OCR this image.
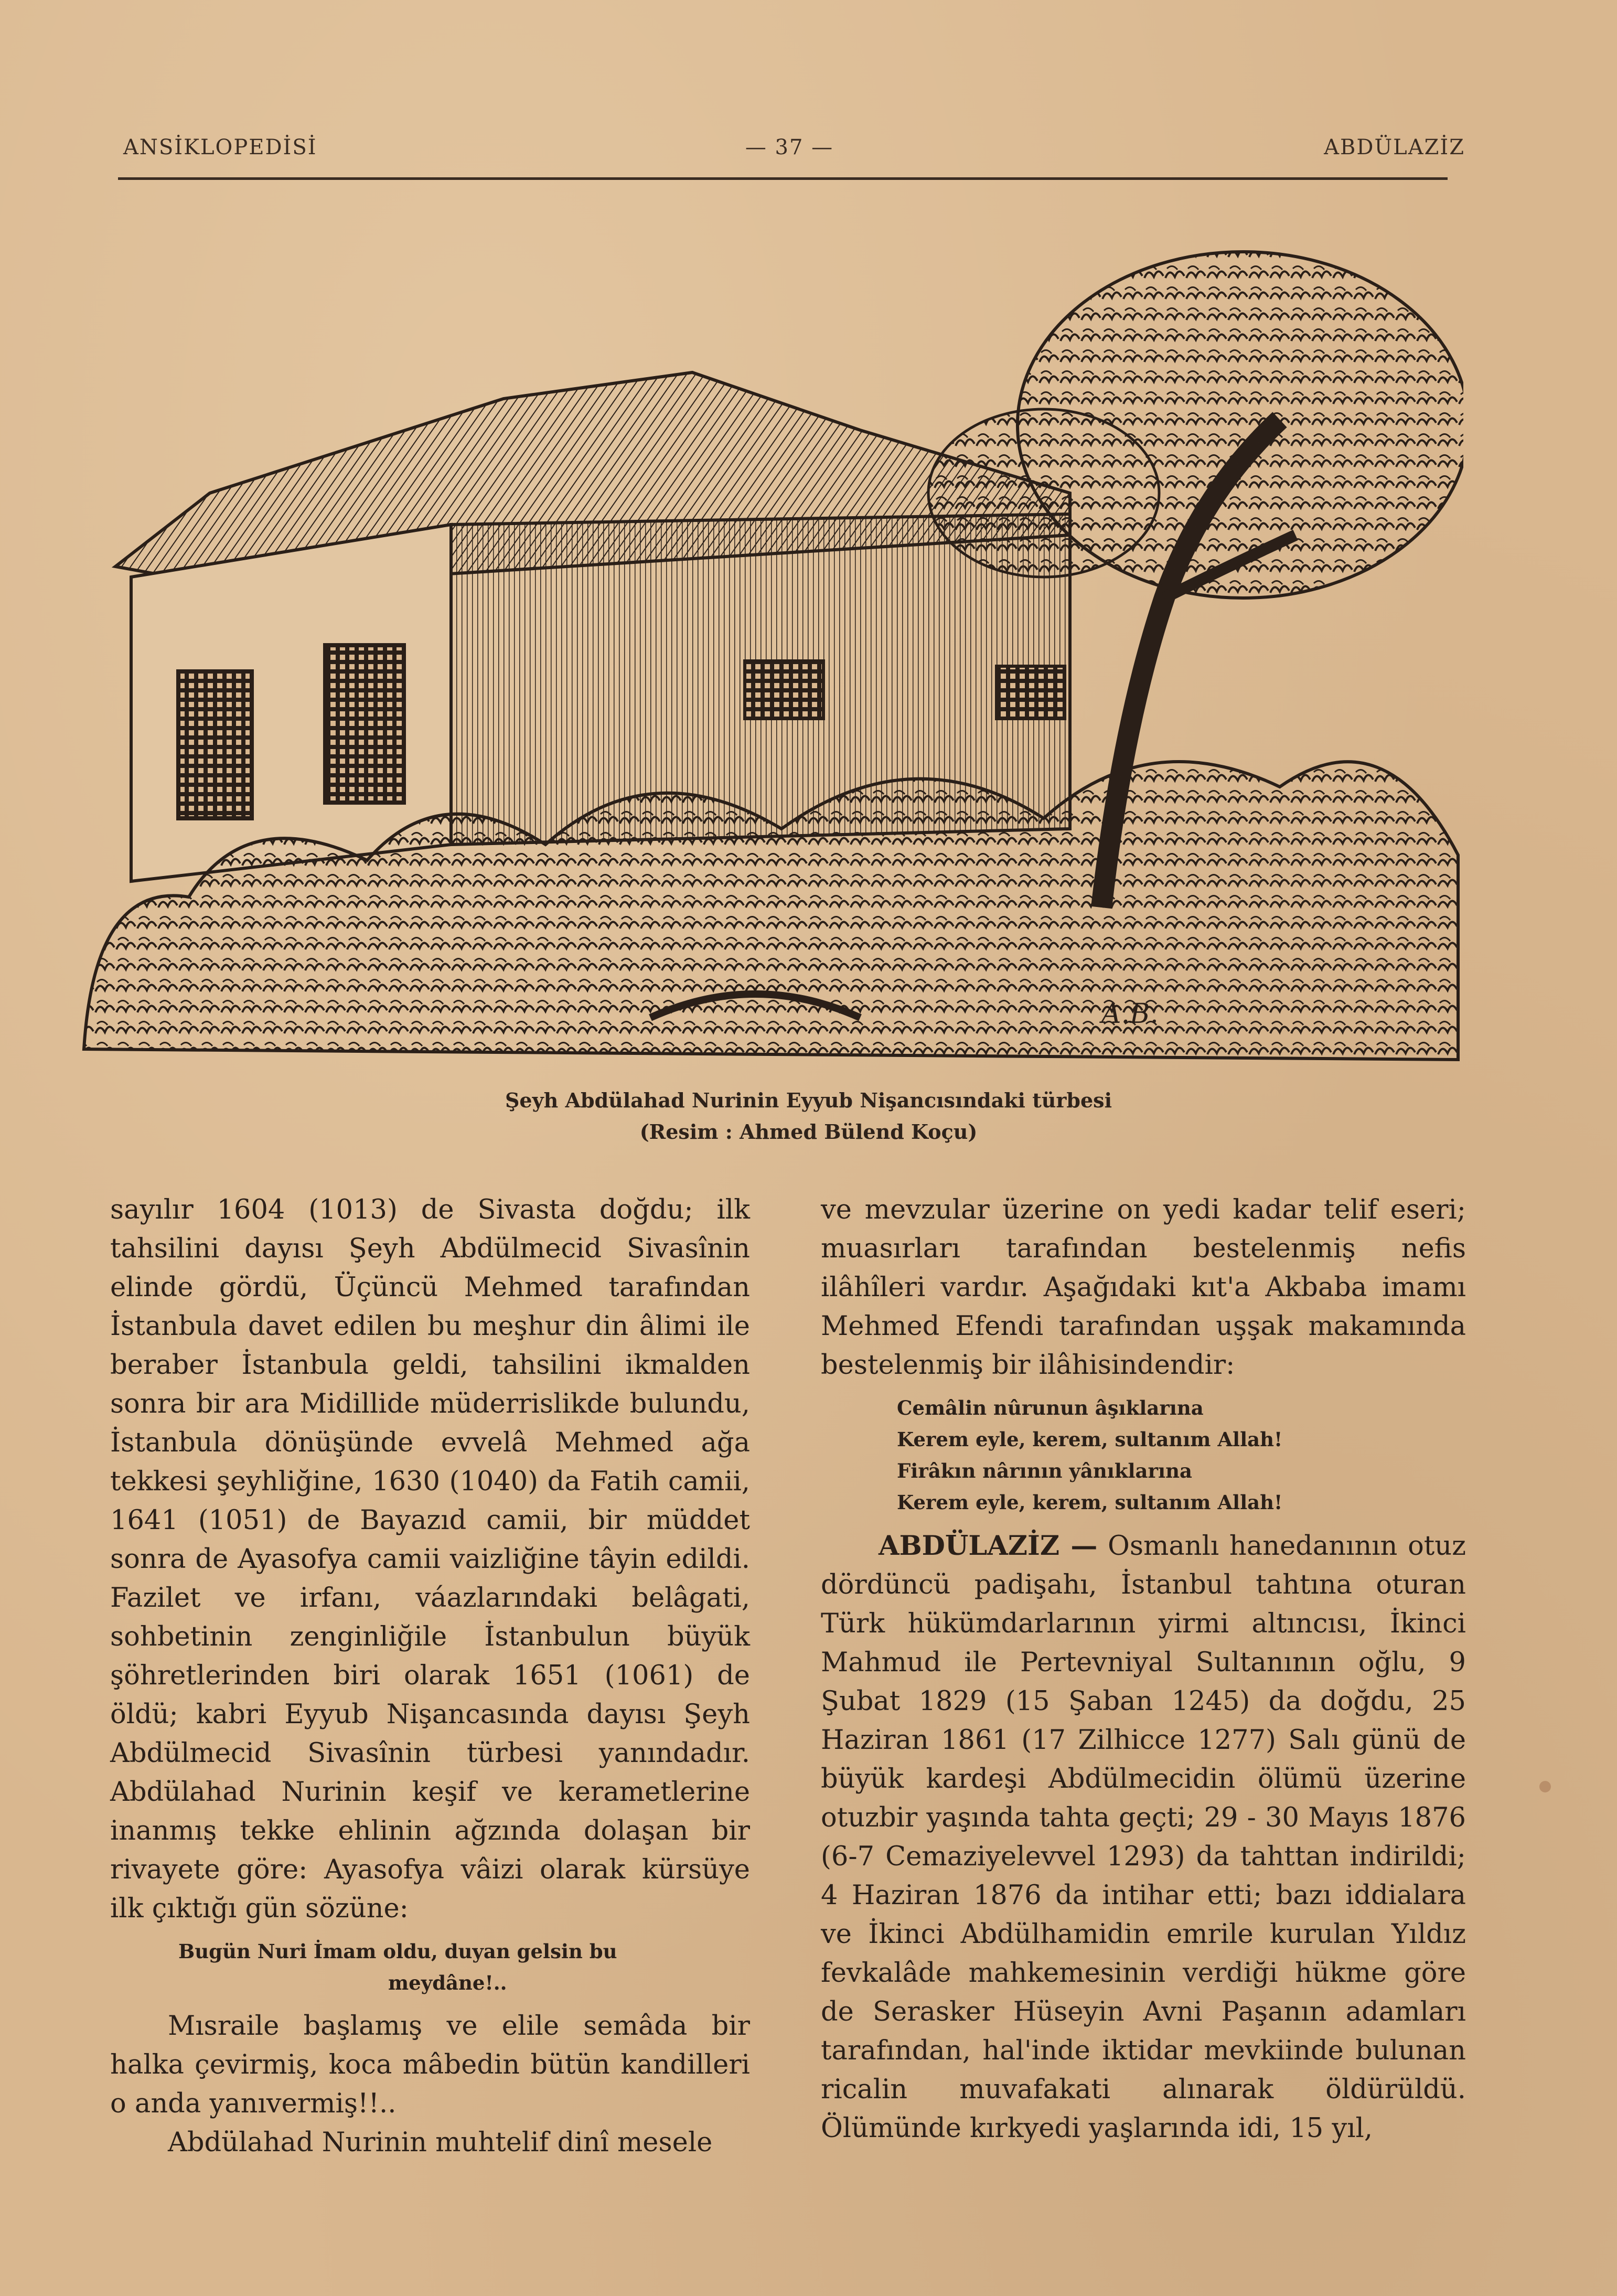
ANSİKLOPEDİSİ	— 37 —	ABDÜLAZİZ
A.B.
Şeyh Abdülahad Nurinin Eyyub Nişancısındaki türbesi
(Resim : Ahmed Bülend Koçu)

sayılır 1604 (1013) de Sivasta doğdu; ilk tahsilini dayısı Şeyh Abdülmecid Sivasînin elinde gördü, Üçüncü Mehmed tarafından İstanbula davet edilen bu meşhur din âlimi ile beraber İstanbula geldi, tahsilini ikmalden sonra bir ara Midillide müderrislikde bulundu, İstanbula dönüşünde evvelâ Mehmed ağa tekkesi şeyhliğine, 1630 (1040) da Fatih camii, 1641 (1051) de Bayazıd camii, bir müddet sonra de Ayasofya camii vaizliğine tâyin edildi. Fazilet ve irfanı, váazlarındaki belâgati, sohbetinin zenginliğile İstanbulun büyük şöhretlerinden biri olarak 1651 (1061) de öldü; kabri Eyyub Nişancasında dayısı Şeyh Abdülmecid Sivasînin türbesi yanındadır. Abdülahad Nurinin keşif ve kerametlerine inanmış tekke ehlinin ağzında dolaşan bir rivayete göre: Ayasofya vâizi olarak kürsüye ilk çıktığı gün sözüne:

Bugün Nuri İmam oldu, duyan gelsin bu
meydâne!..

Mısraile başlamış ve elile semâda bir halka çevirmiş, koca mâbedin bütün kandilleri o anda yanıvermiş!!..

Abdülahad Nurinin muhtelif dinî mesele

ve mevzular üzerine on yedi kadar telif eseri; muasırları tarafından bestelenmiş nefis ilâhîleri vardır. Aşağıdaki kıt'a Akbaba imamı Mehmed Efendi tarafından uşşak makamında bestelenmiş bir ilâhisindendir:

Cemâlin nûrunun âşıklarına
Kerem eyle, kerem, sultanım Allah!
Firâkın nârının yânıklarına
Kerem eyle, kerem, sultanım Allah!

ABDÜLAZİZ — Osmanlı hanedanının otuz dördüncü padişahı, İstanbul tahtına oturan Türk hükümdarlarının yirmi altıncısı, İkinci Mahmud ile Pertevniyal Sultanının oğlu, 9 Şubat 1829 (15 Şaban 1245) da doğdu, 25 Haziran 1861 (17 Zilhicce 1277) Salı günü de büyük kardeşi Abdülmecidin ölümü üzerine otuzbir yaşında tahta geçti; 29 - 30 Mayıs 1876 (6-7 Cemaziyelevvel 1293) da tahttan indirildi; 4 Haziran 1876 da intihar etti; bazı iddialara ve İkinci Abdülhamidin emrile kurulan Yıldız fevkalâde mahkemesinin verdiği hükme göre de Serasker Hüseyin Avni Paşanın adamları tarafından, hal'inde iktidar mevkiinde bulunan ricalin muvafakati alınarak öldürüldü. Ölümünde kırkyedi yaşlarında idi, 15 yıl,
